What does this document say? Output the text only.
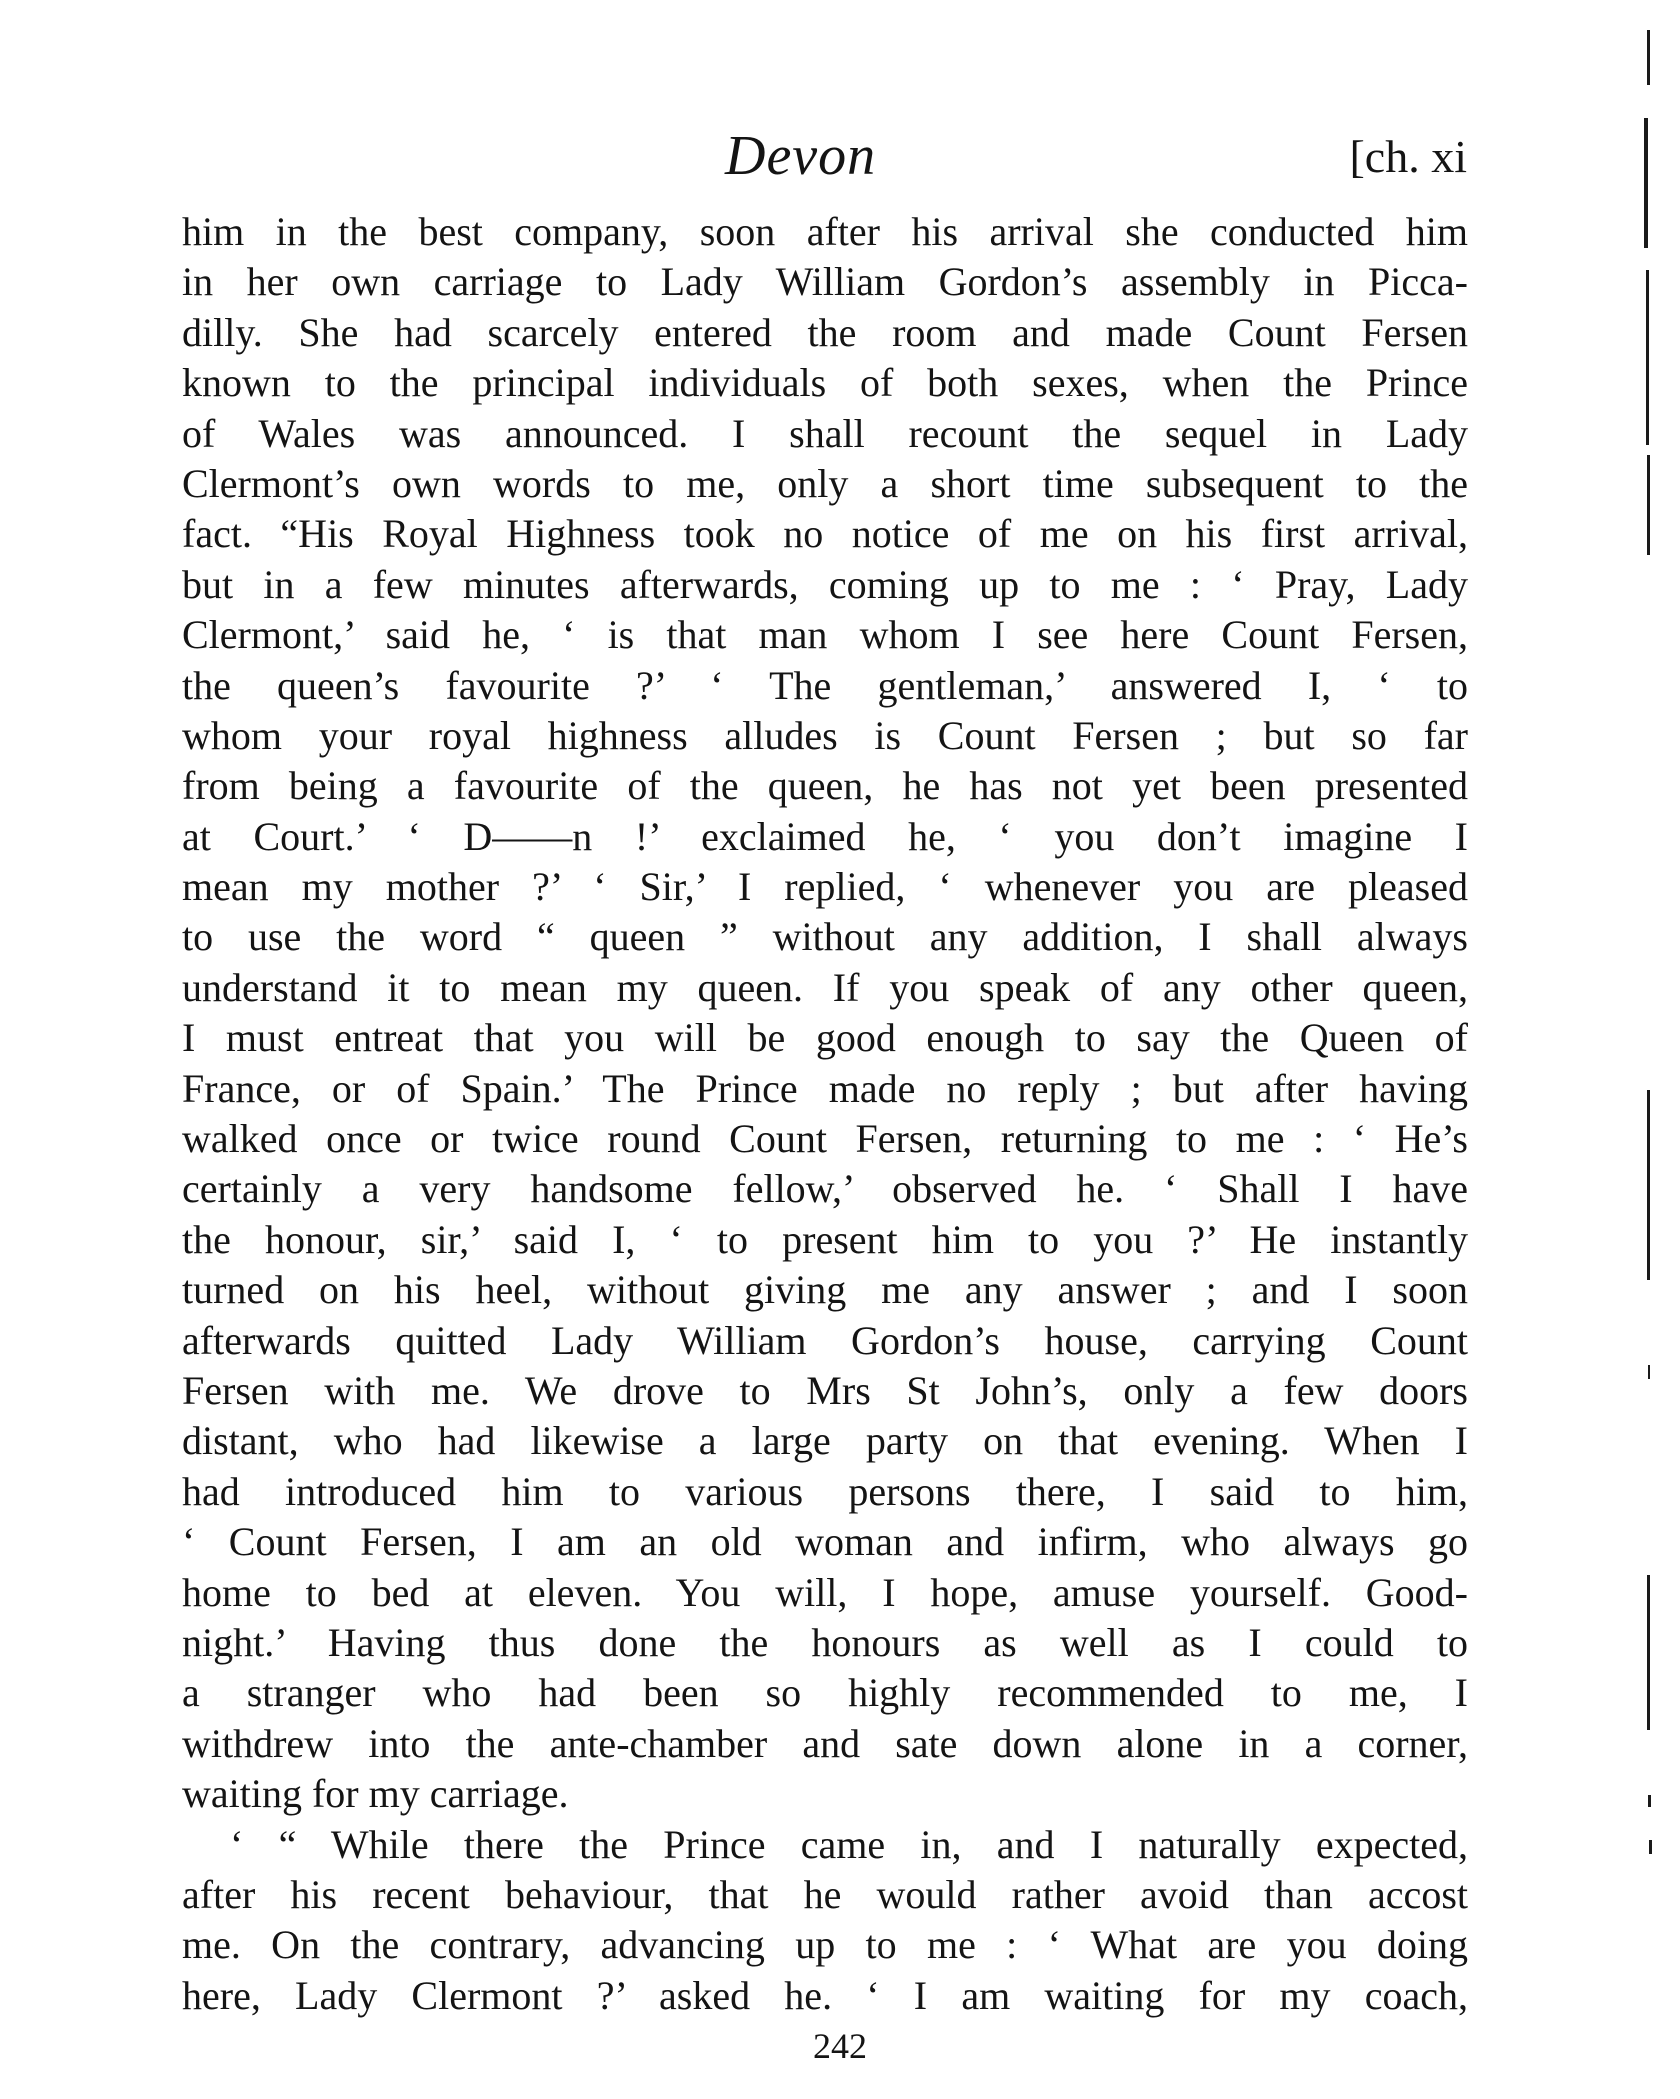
Devon	[ch. xi
him in the best company, soon after his arrival she conducted him
in her own carriage to Lady William Gordon’s assembly in Picca-
dilly. She had scarcely entered the room and made Count Fersen
known to the principal individuals of both sexes, when the Prince
of Wales was announced. I shall recount the sequel in Lady
Clermont’s own words to me, only a short time subsequent to the
fact. “His Royal Highness took no notice of me on his first arrival,
but in a few minutes afterwards, coming up to me : ‘ Pray, Lady
Clermont,’ said he, ‘ is that man whom I see here Count Fersen,
the queen’s favourite ?’ ‘ The gentleman,’ answered I, ‘ to
whom your royal highness alludes is Count Fersen ; but so far
from being a favourite of the queen, he has not yet been presented
at Court.’ ‘ D——n !’ exclaimed he, ‘ you don’t imagine I
mean my mother ?’ ‘ Sir,’ I replied, ‘ whenever you are pleased
to use the word “ queen ” without any addition, I shall always
understand it to mean my queen. If you speak of any other queen,
I must entreat that you will be good enough to say the Queen of
France, or of Spain.’ The Prince made no reply ; but after having
walked once or twice round Count Fersen, returning to me : ‘ He’s
certainly a very handsome fellow,’ observed he. ‘ Shall I have
the honour, sir,’ said I, ‘ to present him to you ?’ He instantly
turned on his heel, without giving me any answer ; and I soon
afterwards quitted Lady William Gordon’s house, carrying Count
Fersen with me. We drove to Mrs St John’s, only a few doors
distant, who had likewise a large party on that evening. When I
had introduced him to various persons there, I said to him,
‘ Count Fersen, I am an old woman and infirm, who always go
home to bed at eleven. You will, I hope, amuse yourself. Good-
night.’ Having thus done the honours as well as I could to
a stranger who had been so highly recommended to me, I
withdrew into the ante-chamber and sate down alone in a corner,
waiting for my carriage.
‘ “ While there the Prince came in, and I naturally expected,
after his recent behaviour, that he would rather avoid than accost
me. On the contrary, advancing up to me : ‘ What are you doing
here, Lady Clermont ?’ asked he. ‘ I am waiting for my coach,
242
